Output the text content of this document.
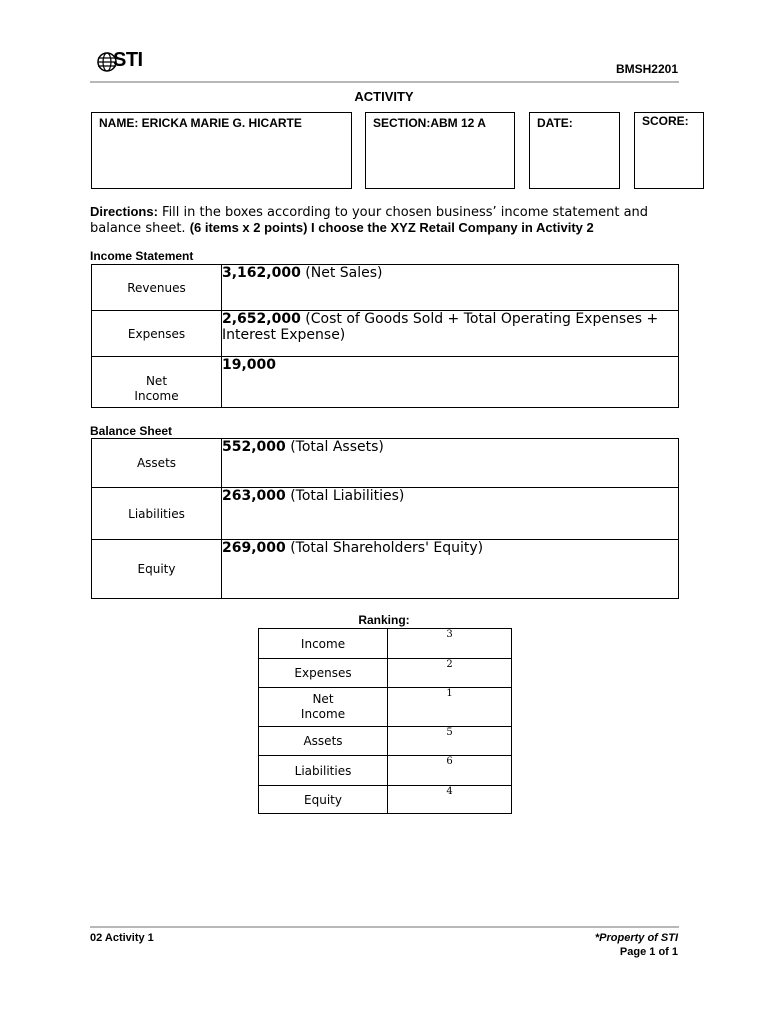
STI	BMSH2201
ACTIVITY
NAME: ERICKA MARIE G. HICARTE	SECTION:ABM 12 A	DATE:	SCORE:
Directions: Fill in the boxes according to your chosen business’ income statement and balance sheet. (6 items x 2 points) I choose the XYZ Retail Company in Activity 2
Income Statement
Revenues	3,162,000 (Net Sales)
Expenses	2,652,000 (Cost of Goods Sold + Total Operating Expenses + Interest Expense)
Net Income	19,000
Balance Sheet
Assets	552,000 (Total Assets)
Liabilities	263,000 (Total Liabilities)
Equity	269,000 (Total Shareholders' Equity)
Ranking:
Income	3
Expenses	2
Net Income	1
Assets	5
Liabilities	6
Equity	4
02 Activity 1	*Property of STI
Page 1 of 1
